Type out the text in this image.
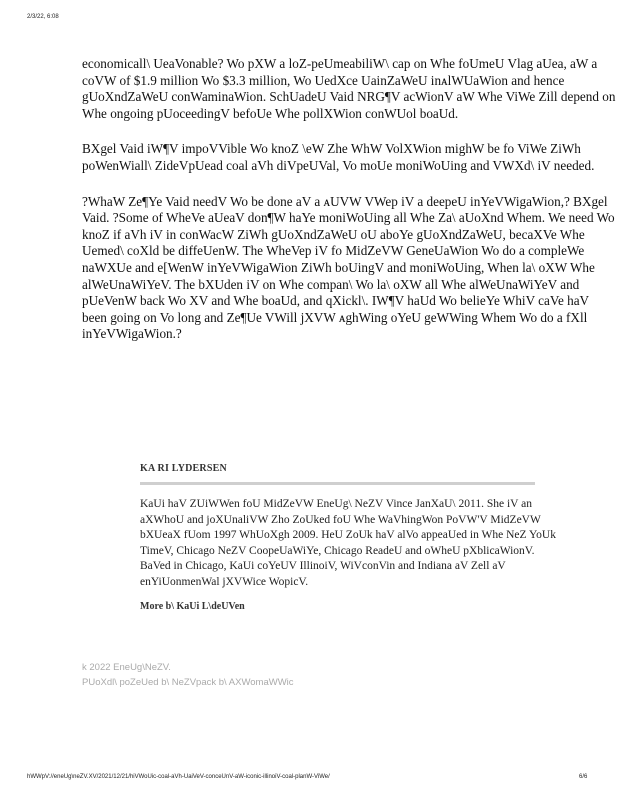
2/3/22, 6:08

economicall\ UeaVonable? Wo pXW a loZ-peUmeabiliW\ cap on Whe foUmeU Vlag aUea, aW a coVW of $1.9 million Wo $3.3 million, Wo UedXce UainZaWeU inᴀlWUaWion and hence gUoXndZaWeU conWaminaWion. SchUadeU Vaid NRG¶V acWionV aW Whe ViWe Zill depend on Whe ongoing pUoceedingV befoUe Whe pollXWion conWUol boaUd.

BXgel Vaid iW¶V impoVVible Wo knoZ \eW Zhe WhW VolXWion mighW be fo ViWe ZiWh poWenWiall\ ZideVpUead coal aVh diVpeUVal, Vo moUe moniWoUing and VWXd\ iV needed.

?WhaW Ze¶Ye Vaid needV Wo be done aV a ᴀUVW VWep iV a deepeU inYeVWigaWion,? BXgel Vaid. ?Some of WheVe aUeaV don¶W haYe moniWoUing all Whe Za\ aUoXnd Whem. We need Wo knoZ if aVh iV in conWacW ZiWh gUoXndZaWeU oU aboYe gUoXndZaWeU, becaXVe Whe Uemed\ coXld be diffeUenW. The WheVep iV fo MidZeVW GeneUaWion Wo do a compleWe naWXUe and e[WenW inYeVWigaWion ZiWh boUingV and moniWoUing, When la\ oXW Whe alWeUnaWiYeV. The bXUden iV on Whe compan\ Wo la\ oXW all Whe alWeUnaWiYeV and pUeVenW back Wo XV and Whe boaUd, and qXickl\. IW¶V haUd Wo belieYe WhiV caVe haV been going on Vo long and Ze¶Ue VWill jXVW ᴀghWing oYeU geWWing Whem Wo do a fXll inYeVWigaWion.?

KA RI LYDERSEN

KaUi haV ZUiWWen foU MidZeVW EneUg\ NeZV Vince JanXaU\ 2011. She iV an aXWhoU and joXUnaliVW Zho ZoUked foU Whe WaVhingWon PoVW'V MidZeVW bXUeaX fUom 1997 WhUoXgh 2009. HeU ZoUk haV alVo appeaUed in Whe NeZ YoUk TimeV, Chicago NeZV CoopeUaWiYe, Chicago ReadeU and oWheU pXblicaWionV. BaVed in Chicago, KaUi coYeUV IllinoiV, WiVconVin and Indiana aV Zell aV enYiUonmenWal jXVWice WopicV.

More b\ KaUi L\deUVen
k 2022 EneUg\NeZV.
PUoXdl\ poZeUed b\ NeZVpack b\ AXWomaWWic
hWWpV://eneUg\neZV.XV/2021/12/21/hiVWoUic-coal-aVh-UaiVeV-conceUnV-aW-iconic-illinoiV-coal-planW-ViWe/	6/6
